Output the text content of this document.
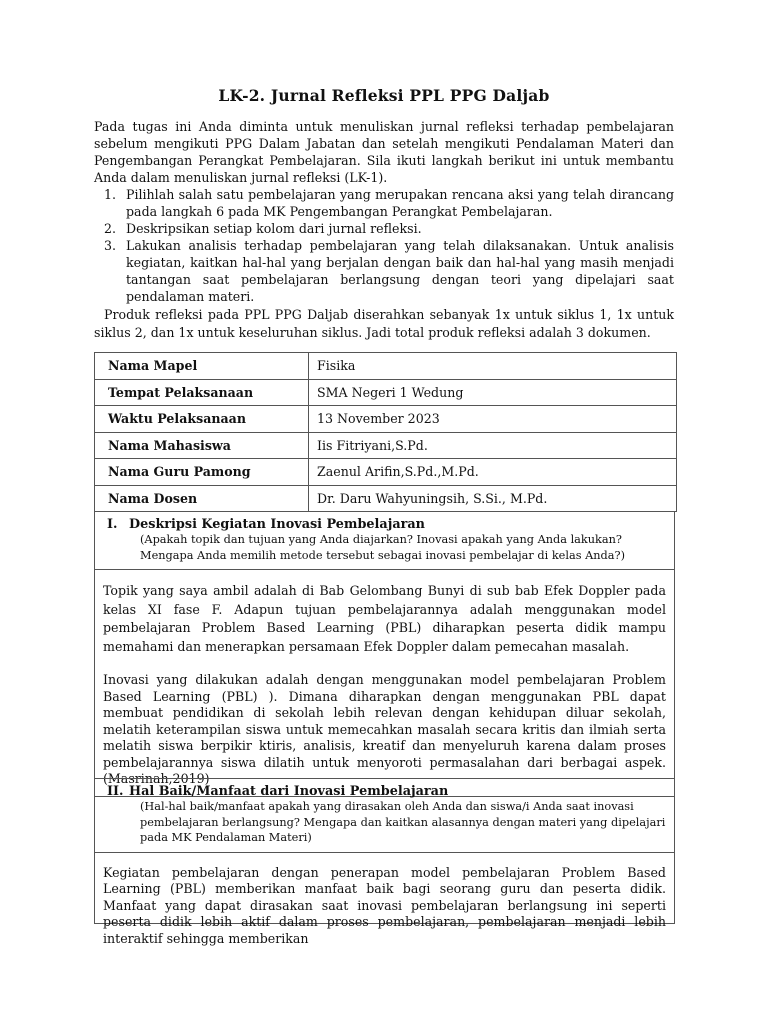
LK-2. Jurnal Refleksi PPL PPG Daljab

Pada tugas ini Anda diminta untuk menuliskan jurnal refleksi terhadap pembelajaran sebelum mengikuti PPG Dalam Jabatan dan setelah mengikuti Pendalaman Materi dan Pengembangan Perangkat Pembelajaran. Sila ikuti langkah berikut ini untuk membantu Anda dalam menuliskan jurnal refleksi (LK-1).

1. Pilihlah salah satu pembelajaran yang merupakan rencana aksi yang telah dirancang pada langkah 6 pada MK Pengembangan Perangkat Pembelajaran.
2. Deskripsikan setiap kolom dari jurnal refleksi.
3. Lakukan analisis terhadap pembelajaran yang telah dilaksanakan. Untuk analisis kegiatan, kaitkan hal-hal yang berjalan dengan baik dan hal-hal yang masih menjadi tantangan saat pembelajaran berlangsung dengan teori yang dipelajari saat pendalaman materi.

Produk refleksi pada PPL PPG Daljab diserahkan sebanyak 1x untuk siklus 1, 1x untuk siklus 2, dan 1x untuk keseluruhan siklus. Jadi total produk refleksi adalah 3 dokumen.

Nama Mapel	Fisika
Tempat Pelaksanaan	SMA Negeri 1 Wedung
Waktu Pelaksanaan	13 November 2023
Nama Mahasiswa	Iis Fitriyani,S.Pd.
Nama Guru Pamong	Zaenul Arifin,S.Pd.,M.Pd.
Nama Dosen	Dr. Daru Wahyuningsih, S.Si., M.Pd.
I. Deskripsi Kegiatan Inovasi Pembelajaran
(Apakah topik dan tujuan yang Anda diajarkan? Inovasi apakah yang Anda lakukan? Mengapa Anda memilih metode tersebut sebagai inovasi pembelajar di kelas Anda?)

Topik yang saya ambil adalah di Bab Gelombang Bunyi di sub bab Efek Doppler pada kelas XI fase F. Adapun tujuan pembelajarannya adalah menggunakan model pembelajaran Problem Based Learning (PBL) diharapkan peserta didik mampu memahami dan menerapkan persamaan Efek Doppler dalam pemecahan masalah.

Inovasi yang dilakukan adalah dengan menggunakan model pembelajaran Problem Based Learning (PBL) ). Dimana diharapkan dengan menggunakan PBL dapat membuat pendidikan di sekolah lebih relevan dengan kehidupan diluar sekolah, melatih keterampilan siswa untuk memecahkan masalah secara kritis dan ilmiah serta melatih siswa berpikir ktiris, analisis, kreatif dan menyeluruh karena dalam proses pembelajarannya siswa dilatih untuk menyoroti permasalahan dari berbagai aspek. (Masrinah,2019)

II. Hal Baik/Manfaat dari Inovasi Pembelajaran
(Hal-hal baik/manfaat apakah yang dirasakan oleh Anda dan siswa/i Anda saat inovasi pembelajaran berlangsung? Mengapa dan kaitkan alasannya dengan materi yang dipelajari pada MK Pendalaman Materi)

Kegiatan pembelajaran dengan penerapan model pembelajaran Problem Based Learning (PBL) memberikan manfaat baik bagi seorang guru dan peserta didik. Manfaat yang dapat dirasakan saat inovasi pembelajaran berlangsung ini seperti peserta didik lebih aktif dalam proses pembelajaran, pembelajaran menjadi lebih interaktif sehingga memberikan
